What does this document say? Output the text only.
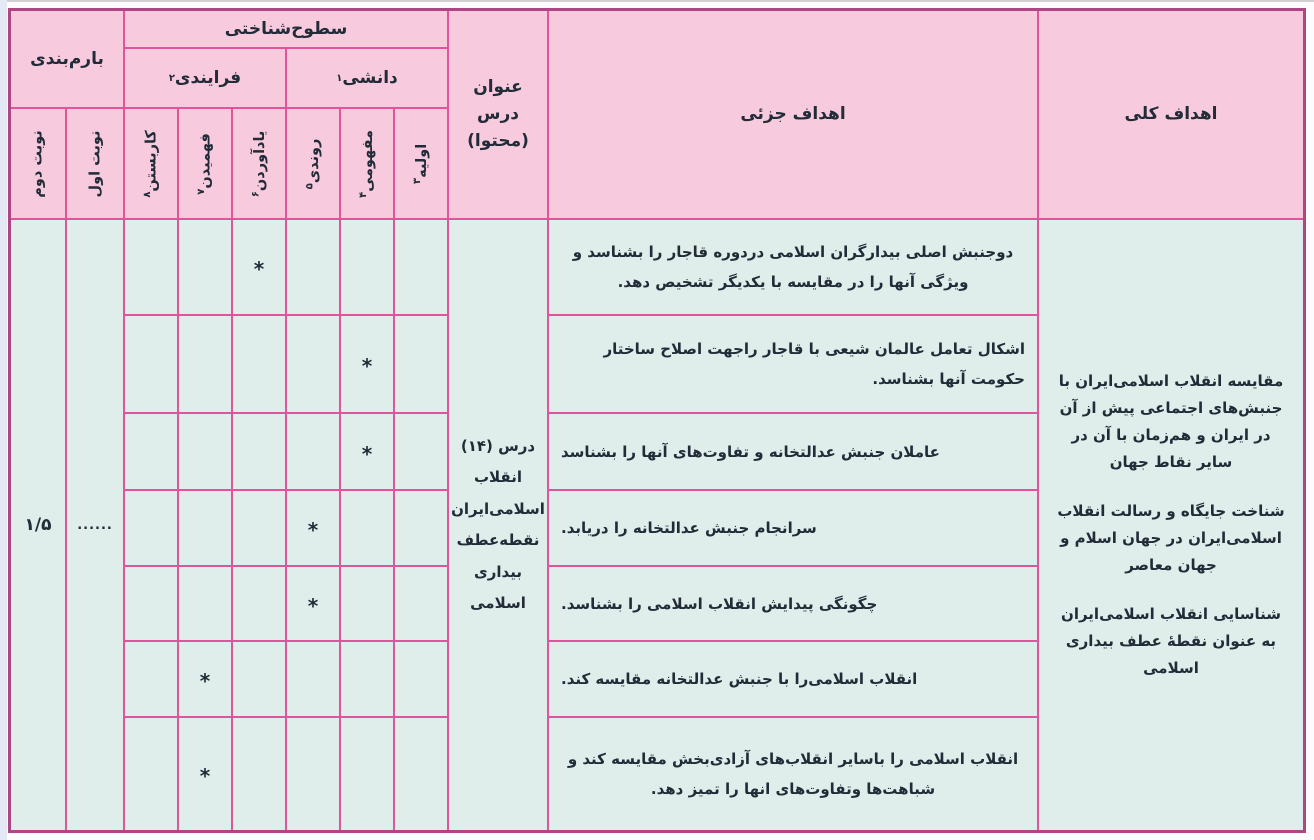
اهداف کلی
اهداف جزئی
عنوان درس (محتوا)
سطوح‌شناختی
دانشی
۱
فرایندی
۲
بارم‌بندی
نوبت اول
نوبت دوم

مقایسه انقلاب اسلامی‌ایران با جنبش‌های اجتماعی پیش از آن در ایران و هم‌زمان با آن در سایر نقاط جهان

شناخت جایگاه و رسالت انقلاب اسلامی‌ایران در جهان اسلام و جهان معاصر

شناسایی انقلاب اسلامی‌ایران به عنوان نقطهٔ عطف بیداری اسلامی

درس (۱۴) انقلاب اسلامی‌ایران نقطه‌عطف بیداری اسلامی
......
۱/۵
اولیه$^۳$
مفهومی$^۴$
روندی$^۵$
یادآوردن$^۶$
فهمیدن$^۷$
کاربستن$^۸$
دوجنبش اصلی بیدارگران اسلامی دردوره قاجار را بشناسد و ویژگی آنها را در مقایسه با یکدیگر تشخیص دهد.
*
اشکال تعامل عالمان شیعی با قاجار راجهت اصلاح ساختار حکومت آنها بشناسد.
*
عاملان جنبش عدالتخانه و تفاوت‌های آنها را بشناسد
*
سرانجام جنبش عدالتخانه را دریابد.
*
چگونگی پیدایش انقلاب اسلامی را بشناسد.
*
انقلاب اسلامی‌را با جنبش عدالتخانه مقایسه کند.
*
انقلاب اسلامی را باسایر انقلاب‌های آزادی‌بخش مقایسه کند و شباهت‌ها وتفاوت‌های انها را تمیز دهد.
*
